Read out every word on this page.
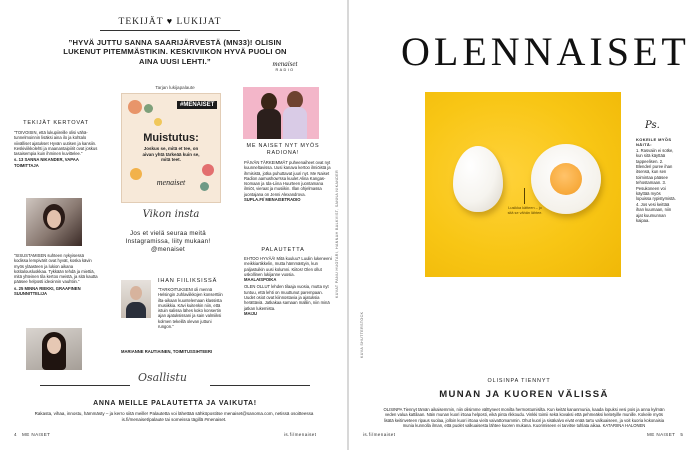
TEKIJÄT ♥ LUKIJAT
”HYVÄ JUTTU SANNA SAARIJÄRVESTÄ (MN33)! OLISIN LUKENUT PITEMMÄSTIKIN. KESKIVIIKON HYVÄ PUOLI ON AINA UUSI LEHTI.”
Tarjan lukijapalaute
TEKIJÄT KERTOVAT
”TOIVOISIN, että lukupiireille olisi vähä-tunnelmoinnin lisäksi aina ilo ja kohtalo viivälliset ajatukset Hyvän uutisen ja kansiin. Keskiviikkolehti ja maanantaipiirit ovat joskus tasaisempia kuin ihminen kuvittelee.”
s. 13 SANNA NIKANDER, VAPAA TOIMITTAJA
”SISUSTAMISEN suhteen nykyisessä kodissa lempivärit ovat hyvät, koska kävin myös yläasteen ja lukion aikana kotitalousluokkaa. Tykkään tehdä ja miettiä, mitä yhteinen tila kertoo meistä, ja sitä kautta pääsee helposti ideoinnin vauhtiin.”
s. 25 MINNA RIEKKI, GRAAFINEN SUUNNITTELIJA
#MENAISET
Muistutus:
Joskus se, mitä et tee, on aivan yhtä tärkeää kuin se, mitä teet.
menaiset
Vikon insta
Jos et vielä seuraa meitä Instagramissa, liity mukaan! @menaiset
IHAN FIILIKSISSÄ
”TARKOITUKSENI oli mennä Helsingin Juhlaviikkojen konserttiin ilta-aikaan kuuntelemaan klassista musiikkia. Kävi kuitenkin niin, että istuin salissa lähes koko konsertin ajan ajatuksissani ja sain valmiiksi kolmen tekeillä olevan juttuni rungon.”
MARIANNE RAUTIAINEN, TOIMITUSSIHTEERI
menaiset
RADIO
ME NAISET NYT MYÖS RADIONA!
PÄIVÄN TÄRKEIMMÄT puheenaiheet ovat nyt kuunneltavissa. Uusi kanava kertoo ilmiöistä ja ihmisistä, jotka puhuttavat juuri nyt. Me Naiset Radion aamushow’ssa kuulet Alina Kangas-Isomaan ja Ida-Liina Huurteen juontamana ilmiöt, vieraat ja musiikin. Illan ohjelmassa juontajana on Jenni Alexandrova.
SUPLA.FI/ MENAISETRADIO
PALAUTETTA
EHTOO HYVÄÄ! Mitä kuuluu? Luulin lukeneeni meikkiartikkelin, mutta hämmästyin, kun paljastuikin uusi kolumni. Kiitos! Olen ollut uskollinen lukijanne vuosia.
MAALAISPOIKA
OLEN OLLUT lehden tilaaja vuosia, mutta nyt tuntuu, että lehti on muuttunut parempaan. Uudet osiot ovat kiinnostavia ja ajatuksia herättäviä. Jatkakaa samaan malliin, niin minä jatkan lukemista.
MAIJU
KUVAT PANU HUOTARI, HANNAH BALKVIST, SANNA NIKANDER
Osallistu
ANNA MEILLE PALAUTETTA JA VAIKUTA!
Rakasta, vihaa, innostu, hämmästy – ja kerro siitä meille! Palautetta voi lähettää sähköpostitse menaiset@sanoma.com, netissä osoitteessa is.fi/menaiset/palaute tai someissa tägillä #menaiset.
4 ME NAISET	is.fi/menaiset
OLENNAISET
Lusikka kätteen – jo sitä se vähän lähtee.
Ps.
KOKEILE MYÖS NÄITÄ:
1. Rasvaiin ei sotke, kun sitä käyttää tappeelisen. 2. Blenderi puree ihan itsensä, kun sen toimintaa pääsee tehostamaan. 3. Pesukoneen voi käyttää myös lopuissa rypistymistä. 4. Jos vesi keittää ihan kuumaan, niin ajat kuumunnan kaipaa.
KUVA SHUTTERSTOCK
OLISINPA TIENNYT
MUNAN JA KUOREN VÄLISSÄ
OLISINPA Tiennyt tämän aikaisemmin, niin olisimme välttyneet monilta hermostumisilta. Kun keität kananmunia, kaada lopuksi vesi pois ja anna kylmän veden valua kattilaan. Näin munan kuori irtoaa helposti, eikä pinta rikkoudu. Vinkki toimii sekä kovaksi että pehmeäksi keitetyille munille. Kokeile myös lisätä keitinveteen ripaus suolaa, jolloin kuori irtoaa vielä vaivattomammin. Ohut kuori ja sisäkalvo eivät enää tartu valkuaiseen, ja voit kuoria kokonaisia munia kunnolla ilman, että puolet valkuaisesta lähtee kuoren mukana. Kuorimiseen ei tarvitse tuhlata aikaa. KATARIINA HALONEN
is.fi/menaiset	ME NAISET 5
